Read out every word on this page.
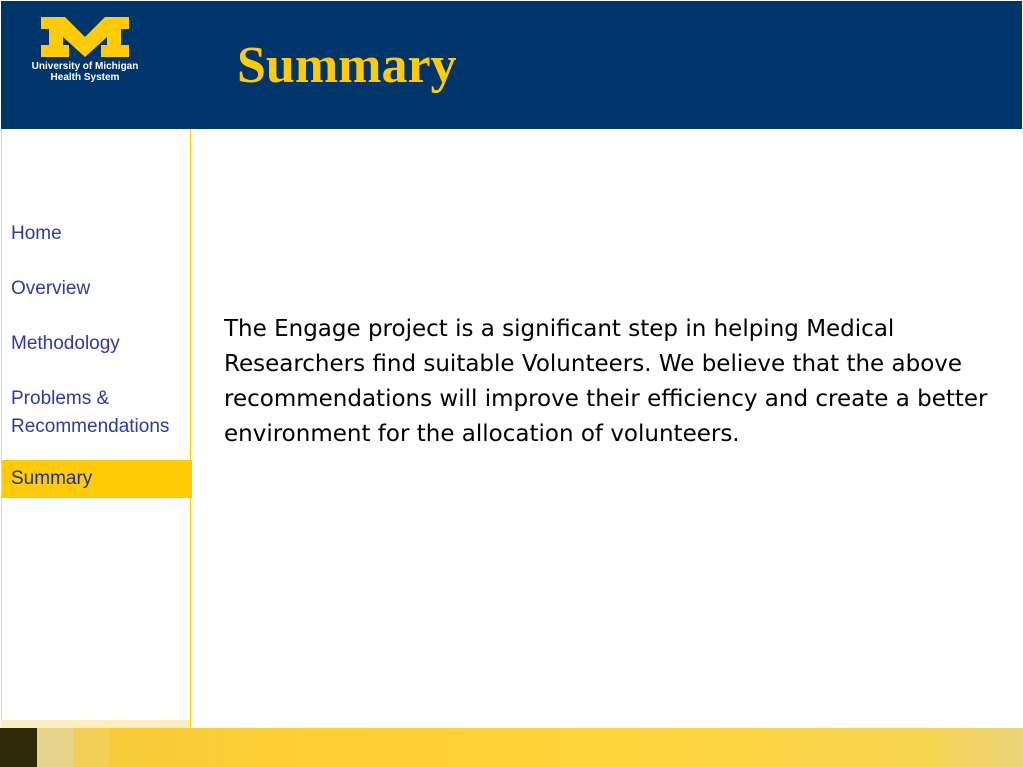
University of Michigan
Health System	Summary
Home
Overview
Methodology
Problems & Recommendations
Summary

The Engage project is a significant step in helping Medical Researchers find suitable Volunteers. We believe that the above recommendations will improve their efficiency and create a better environment for the allocation of volunteers.
